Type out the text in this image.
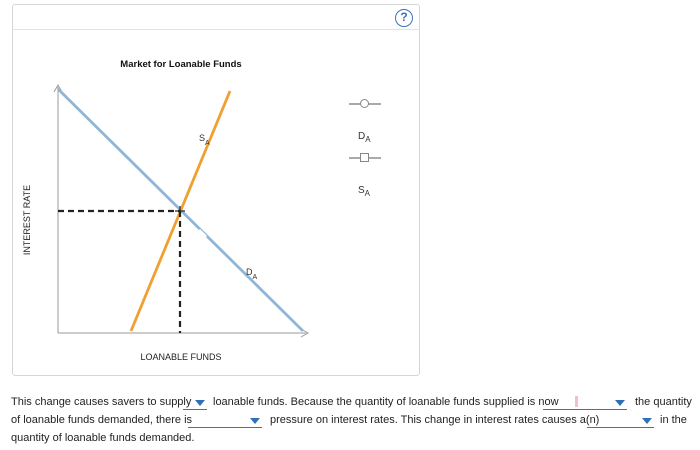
?
Market for Loanable Funds
INTEREST RATE
LOANABLE FUNDS
$S_A$
$D_A$
$D_A$
$S_A$
This change causes savers to supply loanable funds. Because the quantity of loanable funds supplied is now	the quantity
of loanable funds demanded, there is	pressure on interest rates. This change in interest rates causes a(n)	in the
quantity of loanable funds demanded.
